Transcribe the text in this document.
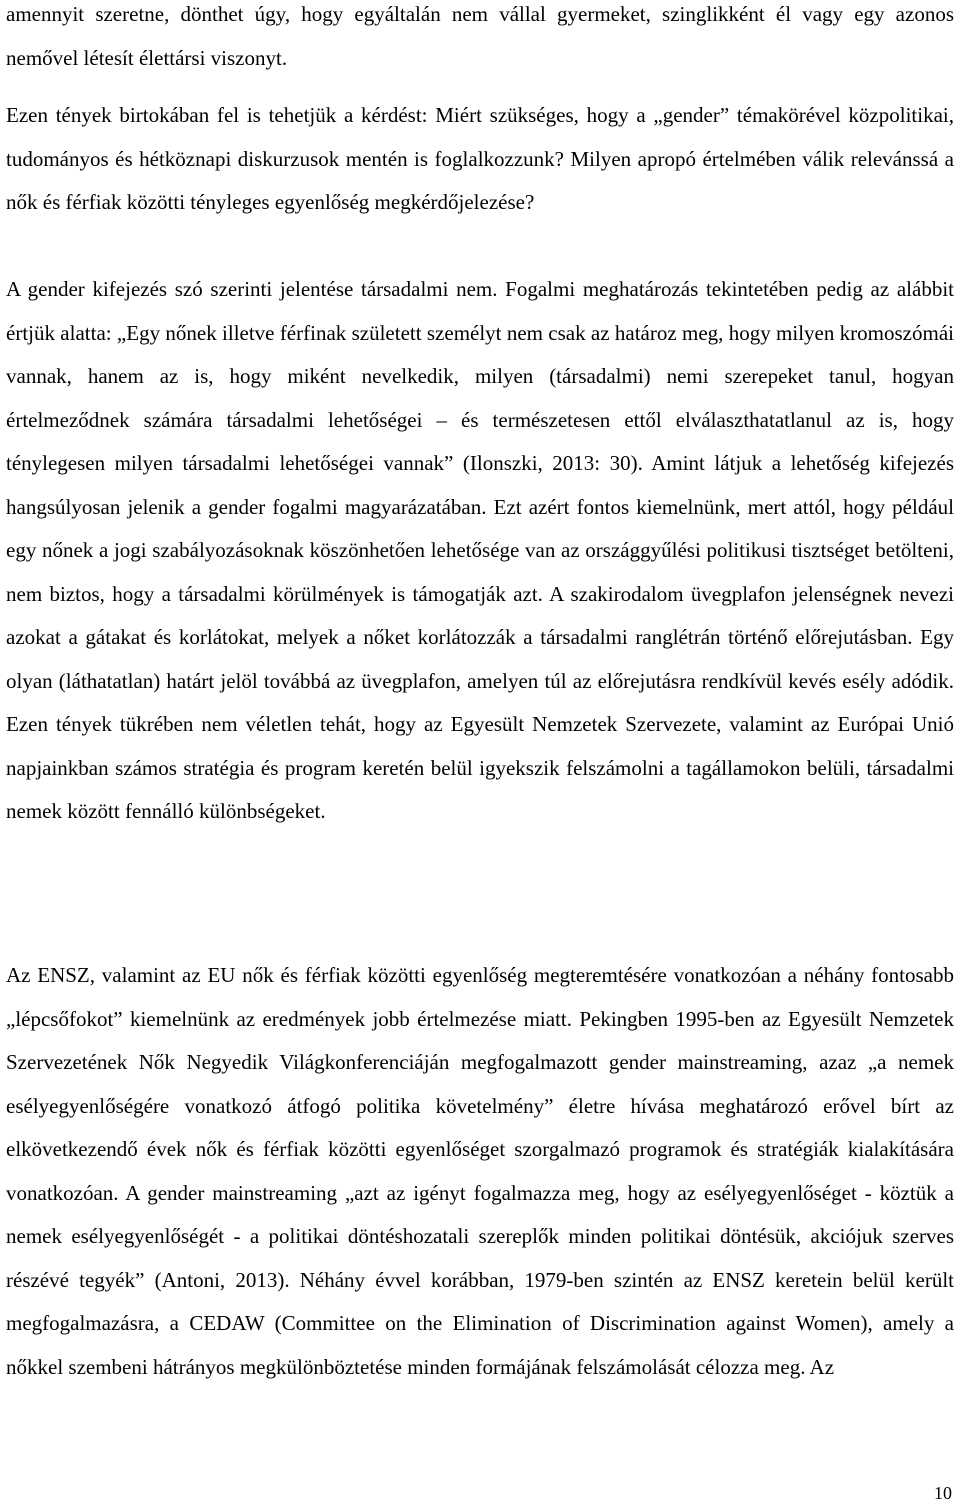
amennyit szeretne, dönthet úgy, hogy egyáltalán nem vállal gyermeket, szinglikként él vagy egy azonos nemővel létesít élettársi viszonyt.

Ezen tények birtokában fel is tehetjük a kérdést: Miért szükséges, hogy a „gender” témakörével közpolitikai, tudományos és hétköznapi diskurzusok mentén is foglalkozzunk? Milyen apropó értelmében válik relevánssá a nők és férfiak közötti tényleges egyenlőség megkérdőjelezése?

A gender kifejezés szó szerinti jelentése társadalmi nem. Fogalmi meghatározás tekintetében pedig az alábbit értjük alatta: „Egy nőnek illetve férfinak született személyt nem csak az határoz meg, hogy milyen kromoszómái vannak, hanem az is, hogy miként nevelkedik, milyen (társadalmi) nemi szerepeket tanul, hogyan értelmeződnek számára társadalmi lehetőségei – és természetesen ettől elválaszthatatlanul az is, hogy ténylegesen milyen társadalmi lehetőségei vannak” (Ilonszki, 2013: 30). Amint látjuk a lehetőség kifejezés hangsúlyosan jelenik a gender fogalmi magyarázatában. Ezt azért fontos kiemelnünk, mert attól, hogy például egy nőnek a jogi szabályozásoknak köszönhetően lehetősége van az országgyűlési politikusi tisztséget betölteni, nem biztos, hogy a társadalmi körülmények is támogatják azt. A szakirodalom üvegplafon jelenségnek nevezi azokat a gátakat és korlátokat, melyek a nőket korlátozzák a társadalmi ranglétrán történő előrejutásban. Egy olyan (láthatatlan) határt jelöl továbbá az üvegplafon, amelyen túl az előrejutásra rendkívül kevés esély adódik. Ezen tények tükrében nem véletlen tehát, hogy az Egyesült Nemzetek Szervezete, valamint az Európai Unió napjainkban számos stratégia és program keretén belül igyekszik felszámolni a tagállamokon belüli, társadalmi nemek között fennálló különbségeket.

Az ENSZ, valamint az EU nők és férfiak közötti egyenlőség megteremtésére vonatkozóan a néhány fontosabb „lépcsőfokot” kiemelnünk az eredmények jobb értelmezése miatt. Pekingben 1995-ben az Egyesült Nemzetek Szervezetének Nők Negyedik Világkonferenciáján megfogalmazott gender mainstreaming, azaz „a nemek esélyegyenlőségére vonatkozó átfogó politika követelmény” életre hívása meghatározó erővel bírt az elkövetkezendő évek nők és férfiak közötti egyenlőséget szorgalmazó programok és stratégiák kialakítására vonatkozóan. A gender mainstreaming „azt az igényt fogalmazza meg, hogy az esélyegyenlőséget - köztük a nemek esélyegyenlőségét - a politikai döntéshozatali szereplők minden politikai döntésük, akciójuk szerves részévé tegyék” (Antoni, 2013). Néhány évvel korábban, 1979-ben szintén az ENSZ keretein belül került megfogalmazásra, a CEDAW (Committee on the Elimination of Discrimination against Women), amely a nőkkel szembeni hátrányos megkülönböztetése minden formájának felszámolását célozza meg. Az

10
